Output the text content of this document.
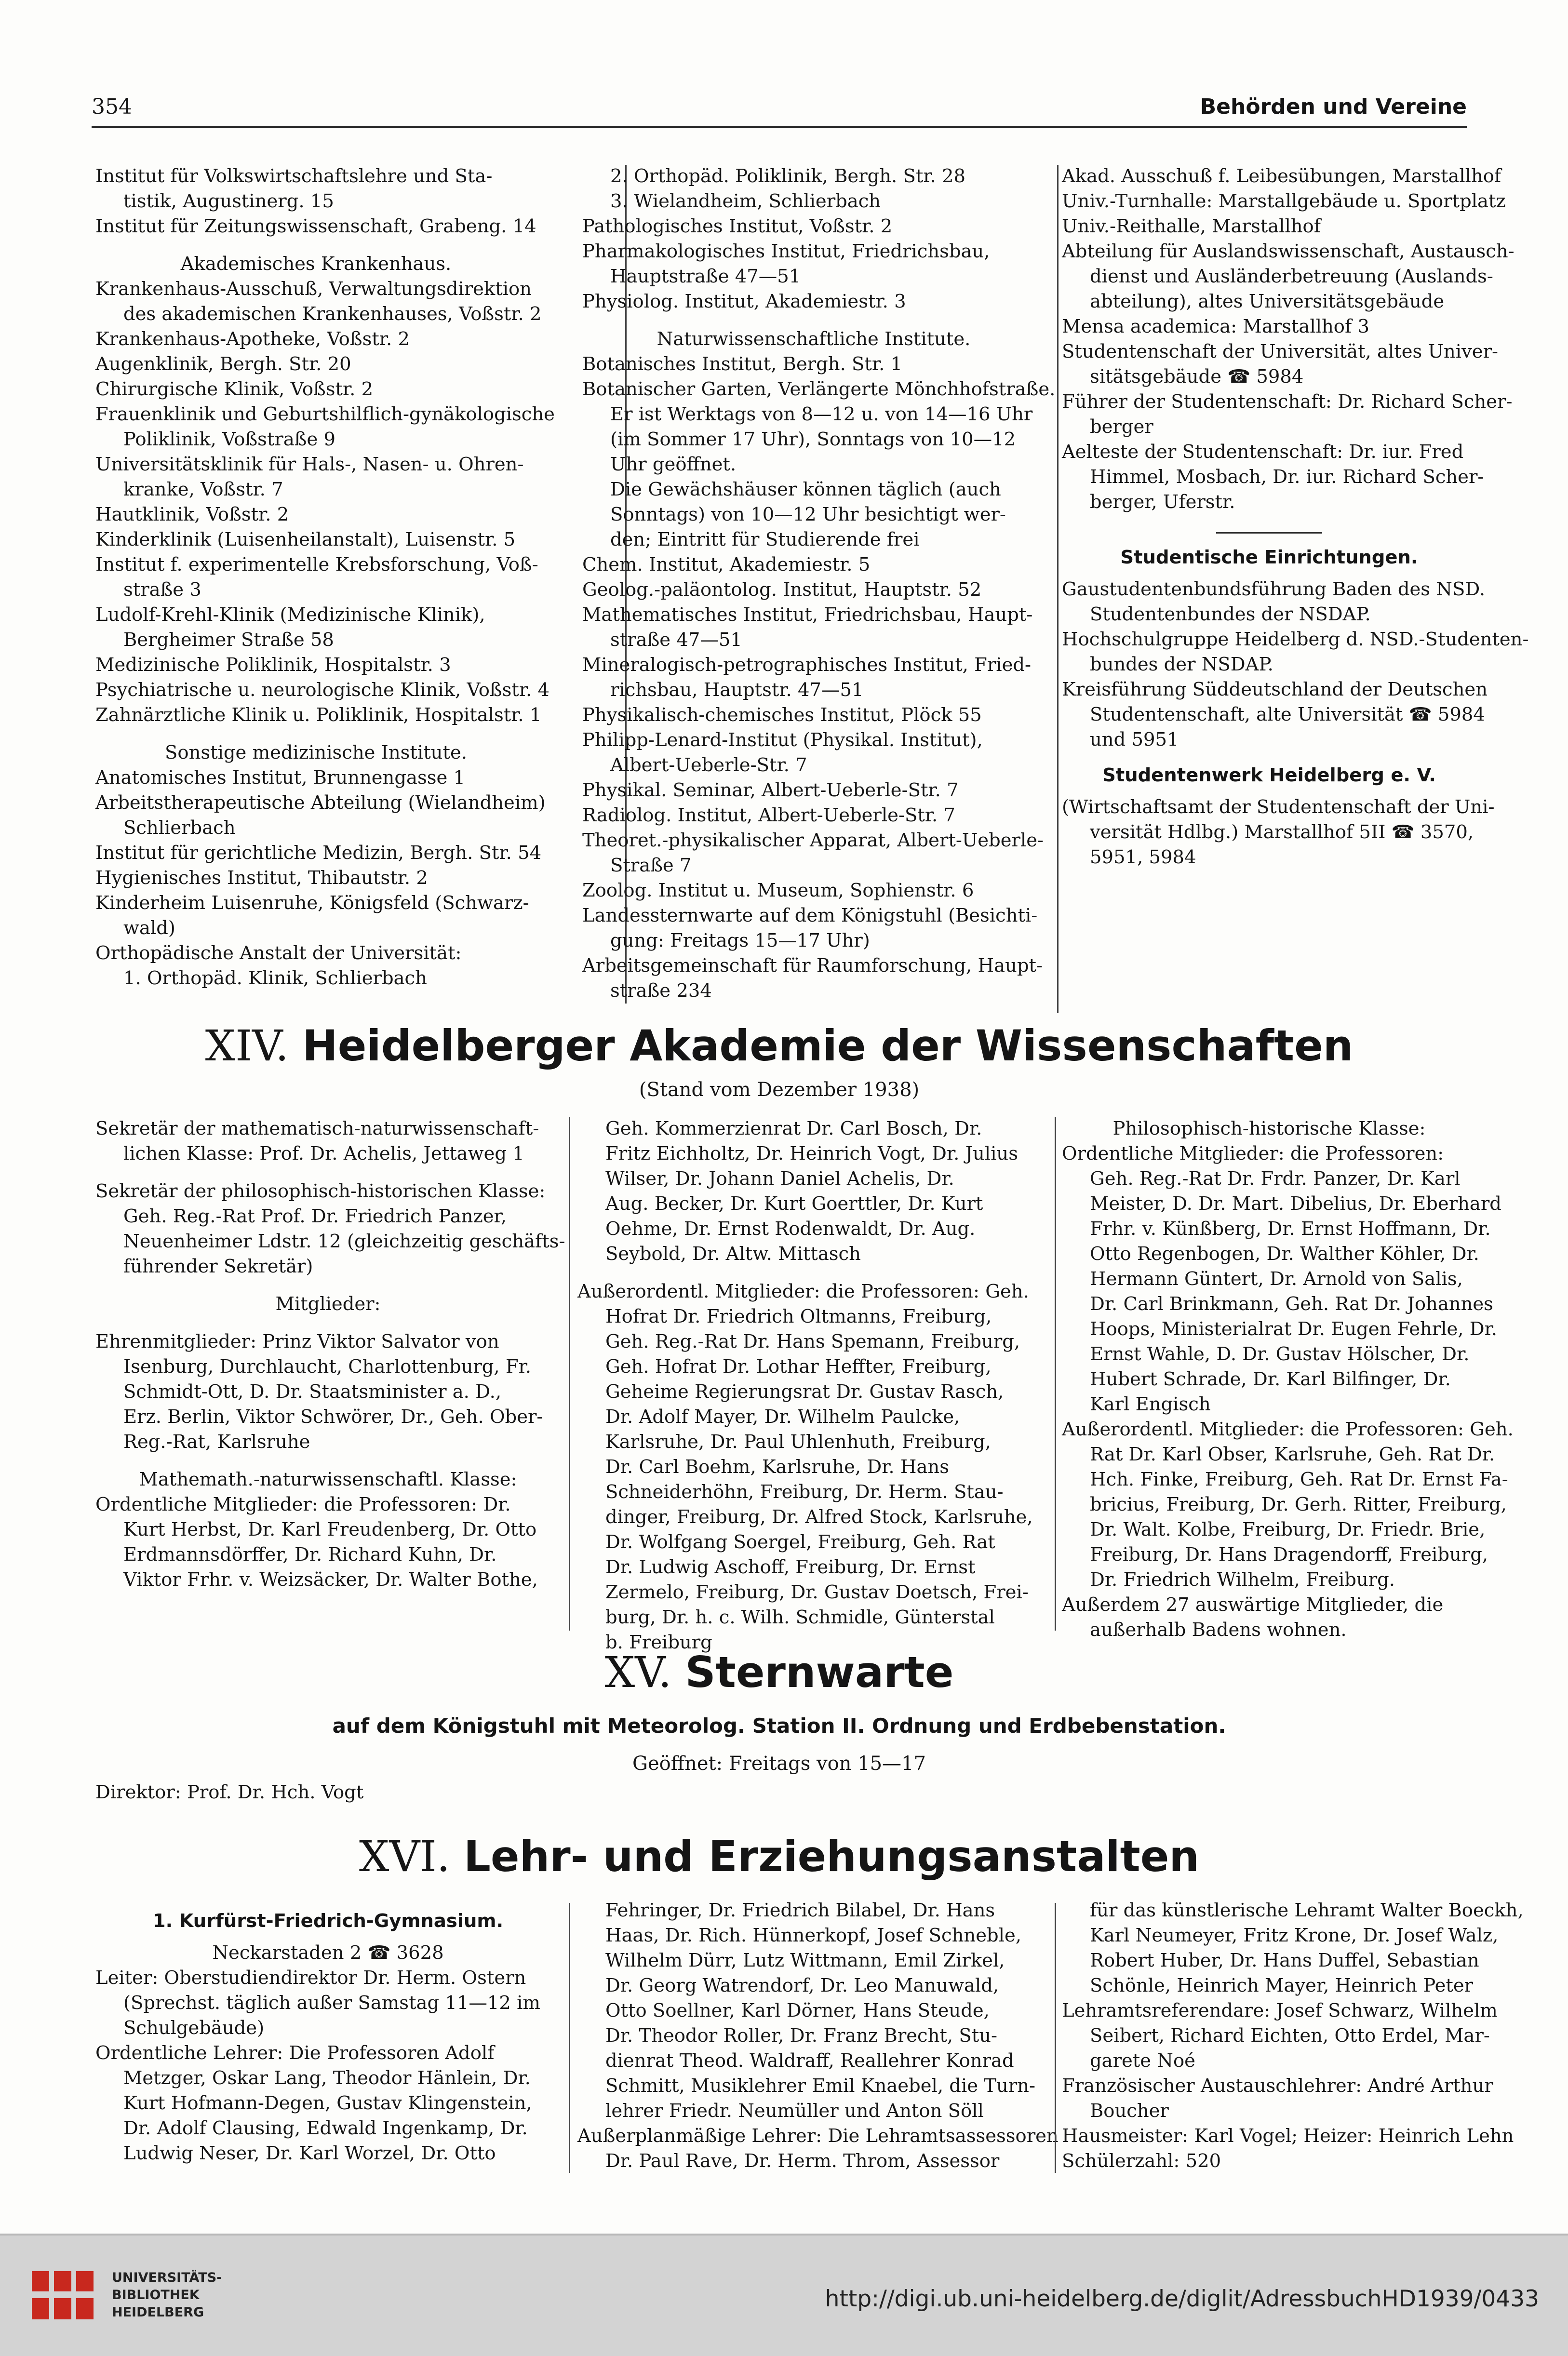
354	Behörden und Vereine
Institut für Volkswirtschaftslehre und Sta-
tistik, Augustinerg. 15
Institut für Zeitungswissenschaft, Grabeng. 14
Akademisches Krankenhaus.
Krankenhaus-Ausschuß, Verwaltungsdirektion
des akademischen Krankenhauses, Voßstr. 2
Krankenhaus-Apotheke, Voßstr. 2
Augenklinik, Bergh. Str. 20
Chirurgische Klinik, Voßstr. 2
Frauenklinik und Geburtshilflich-gynäkologische
Poliklinik, Voßstraße 9
Universitätsklinik für Hals-, Nasen- u. Ohren-
kranke, Voßstr. 7
Hautklinik, Voßstr. 2
Kinderklinik (Luisenheilanstalt), Luisenstr. 5
Institut f. experimentelle Krebsforschung, Voß-
straße 3
Ludolf-Krehl-Klinik (Medizinische Klinik),
Bergheimer Straße 58
Medizinische Poliklinik, Hospitalstr. 3
Psychiatrische u. neurologische Klinik, Voßstr. 4
Zahnärztliche Klinik u. Poliklinik, Hospitalstr. 1
Sonstige medizinische Institute.
Anatomisches Institut, Brunnengasse 1
Arbeitstherapeutische Abteilung (Wielandheim)
Schlierbach
Institut für gerichtliche Medizin, Bergh. Str. 54
Hygienisches Institut, Thibautstr. 2
Kinderheim Luisenruhe, Königsfeld (Schwarz-
wald)
Orthopädische Anstalt der Universität:
1. Orthopäd. Klinik, Schlierbach
2. Orthopäd. Poliklinik, Bergh. Str. 28
3. Wielandheim, Schlierbach
Pathologisches Institut, Voßstr. 2
Pharmakologisches Institut, Friedrichsbau,
Hauptstraße 47—51
Physiolog. Institut, Akademiestr. 3
Naturwissenschaftliche Institute.
Botanisches Institut, Bergh. Str. 1
Botanischer Garten, Verlängerte Mönchhofstraße.
Er ist Werktags von 8—12 u. von 14—16 Uhr
(im Sommer 17 Uhr), Sonntags von 10—12
Uhr geöffnet.
Die Gewächshäuser können täglich (auch
Sonntags) von 10—12 Uhr besichtigt wer-
den; Eintritt für Studierende frei
Chem. Institut, Akademiestr. 5
Geolog.-paläontolog. Institut, Hauptstr. 52
Mathematisches Institut, Friedrichsbau, Haupt-
straße 47—51
Mineralogisch-petrographisches Institut, Fried-
richsbau, Hauptstr. 47—51
Physikalisch-chemisches Institut, Plöck 55
Philipp-Lenard-Institut (Physikal. Institut),
Albert-Ueberle-Str. 7
Physikal. Seminar, Albert-Ueberle-Str. 7
Radiolog. Institut, Albert-Ueberle-Str. 7
Theoret.-physikalischer Apparat, Albert-Ueberle-
Straße 7
Zoolog. Institut u. Museum, Sophienstr. 6
Landessternwarte auf dem Königstuhl (Besichti-
gung: Freitags 15—17 Uhr)
Arbeitsgemeinschaft für Raumforschung, Haupt-
straße 234
Akad. Ausschuß f. Leibesübungen, Marstallhof
Univ.-Turnhalle: Marstallgebäude u. Sportplatz
Univ.-Reithalle, Marstallhof
Abteilung für Auslandswissenschaft, Austausch-
dienst und Ausländerbetreuung (Auslands-
abteilung), altes Universitätsgebäude
Mensa academica: Marstallhof 3
Studentenschaft der Universität, altes Univer-
sitätsgebäude ☎ 5984
Führer der Studentenschaft: Dr. Richard Scher-
berger
Aelteste der Studentenschaft: Dr. iur. Fred
Himmel, Mosbach, Dr. iur. Richard Scher-
berger, Uferstr.
Studentische Einrichtungen.
Gaustudentenbundsführung Baden des NSD.
Studentenbundes der NSDAP.
Hochschulgruppe Heidelberg d. NSD.-Studenten-
bundes der NSDAP.
Kreisführung Süddeutschland der Deutschen
Studentenschaft, alte Universität ☎ 5984
und 5951
Studentenwerk Heidelberg e. V.
(Wirtschaftsamt der Studentenschaft der Uni-
versität Hdlbg.) Marstallhof 5II ☎ 3570,
5951, 5984
XIV. Heidelberger Akademie der Wissenschaften
(Stand vom Dezember 1938)
Sekretär der mathematisch-naturwissenschaft-
lichen Klasse: Prof. Dr. Achelis, Jettaweg 1
Sekretär der philosophisch-historischen Klasse:
Geh. Reg.-Rat Prof. Dr. Friedrich Panzer,
Neuenheimer Ldstr. 12 (gleichzeitig geschäfts-
führender Sekretär)
Mitglieder:
Ehrenmitglieder: Prinz Viktor Salvator von
Isenburg, Durchlaucht, Charlottenburg, Fr.
Schmidt-Ott, D. Dr. Staatsminister a. D.,
Erz. Berlin, Viktor Schwörer, Dr., Geh. Ober-
Reg.-Rat, Karlsruhe
Mathemath.-naturwissenschaftl. Klasse:
Ordentliche Mitglieder: die Professoren: Dr.
Kurt Herbst, Dr. Karl Freudenberg, Dr. Otto
Erdmannsdörffer, Dr. Richard Kuhn, Dr.
Viktor Frhr. v. Weizsäcker, Dr. Walter Bothe,
Geh. Kommerzienrat Dr. Carl Bosch, Dr.
Fritz Eichholtz, Dr. Heinrich Vogt, Dr. Julius
Wilser, Dr. Johann Daniel Achelis, Dr.
Aug. Becker, Dr. Kurt Goerttler, Dr. Kurt
Oehme, Dr. Ernst Rodenwaldt, Dr. Aug.
Seybold, Dr. Altw. Mittasch
Außerordentl. Mitglieder: die Professoren: Geh.
Hofrat Dr. Friedrich Oltmanns, Freiburg,
Geh. Reg.-Rat Dr. Hans Spemann, Freiburg,
Geh. Hofrat Dr. Lothar Heffter, Freiburg,
Geheime Regierungsrat Dr. Gustav Rasch,
Dr. Adolf Mayer, Dr. Wilhelm Paulcke,
Karlsruhe, Dr. Paul Uhlenhuth, Freiburg,
Dr. Carl Boehm, Karlsruhe, Dr. Hans
Schneiderhöhn, Freiburg, Dr. Herm. Stau-
dinger, Freiburg, Dr. Alfred Stock, Karlsruhe,
Dr. Wolfgang Soergel, Freiburg, Geh. Rat
Dr. Ludwig Aschoff, Freiburg, Dr. Ernst
Zermelo, Freiburg, Dr. Gustav Doetsch, Frei-
burg, Dr. h. c. Wilh. Schmidle, Günterstal
b. Freiburg
Philosophisch-historische Klasse:
Ordentliche Mitglieder: die Professoren:
Geh. Reg.-Rat Dr. Frdr. Panzer, Dr. Karl
Meister, D. Dr. Mart. Dibelius, Dr. Eberhard
Frhr. v. Künßberg, Dr. Ernst Hoffmann, Dr.
Otto Regenbogen, Dr. Walther Köhler, Dr.
Hermann Güntert, Dr. Arnold von Salis,
Dr. Carl Brinkmann, Geh. Rat Dr. Johannes
Hoops, Ministerialrat Dr. Eugen Fehrle, Dr.
Ernst Wahle, D. Dr. Gustav Hölscher, Dr.
Hubert Schrade, Dr. Karl Bilfinger, Dr.
Karl Engisch
Außerordentl. Mitglieder: die Professoren: Geh.
Rat Dr. Karl Obser, Karlsruhe, Geh. Rat Dr.
Hch. Finke, Freiburg, Geh. Rat Dr. Ernst Fa-
bricius, Freiburg, Dr. Gerh. Ritter, Freiburg,
Dr. Walt. Kolbe, Freiburg, Dr. Friedr. Brie,
Freiburg, Dr. Hans Dragendorff, Freiburg,
Dr. Friedrich Wilhelm, Freiburg.
Außerdem 27 auswärtige Mitglieder, die
außerhalb Badens wohnen.
XV. Sternwarte
auf dem Königstuhl mit Meteorolog. Station II. Ordnung und Erdbebenstation.
Geöffnet: Freitags von 15—17
Direktor: Prof. Dr. Hch. Vogt
XVI. Lehr- und Erziehungsanstalten
1. Kurfürst-Friedrich-Gymnasium.
Neckarstaden 2 ☎ 3628
Leiter: Oberstudiendirektor Dr. Herm. Ostern
(Sprechst. täglich außer Samstag 11—12 im
Schulgebäude)
Ordentliche Lehrer: Die Professoren Adolf
Metzger, Oskar Lang, Theodor Hänlein, Dr.
Kurt Hofmann-Degen, Gustav Klingenstein,
Dr. Adolf Clausing, Edwald Ingenkamp, Dr.
Ludwig Neser, Dr. Karl Worzel, Dr. Otto
Fehringer, Dr. Friedrich Bilabel, Dr. Hans
Haas, Dr. Rich. Hünnerkopf, Josef Schneble,
Wilhelm Dürr, Lutz Wittmann, Emil Zirkel,
Dr. Georg Watrendorf, Dr. Leo Manuwald,
Otto Soellner, Karl Dörner, Hans Steude,
Dr. Theodor Roller, Dr. Franz Brecht, Stu-
dienrat Theod. Waldraff, Reallehrer Konrad
Schmitt, Musiklehrer Emil Knaebel, die Turn-
lehrer Friedr. Neumüller und Anton Söll
Außerplanmäßige Lehrer: Die Lehramtsassessoren
Dr. Paul Rave, Dr. Herm. Throm, Assessor
für das künstlerische Lehramt Walter Boeckh,
Karl Neumeyer, Fritz Krone, Dr. Josef Walz,
Robert Huber, Dr. Hans Duffel, Sebastian
Schönle, Heinrich Mayer, Heinrich Peter
Lehramtsreferendare: Josef Schwarz, Wilhelm
Seibert, Richard Eichten, Otto Erdel, Mar-
garete Noé
Französischer Austauschlehrer: André Arthur
Boucher
Hausmeister: Karl Vogel; Heizer: Heinrich Lehn
Schülerzahl: 520
UNIVERSITÄTS-
BIBLIOTHEK
HEIDELBERG
http://digi.ub.uni-heidelberg.de/diglit/AdressbuchHD1939/0433
